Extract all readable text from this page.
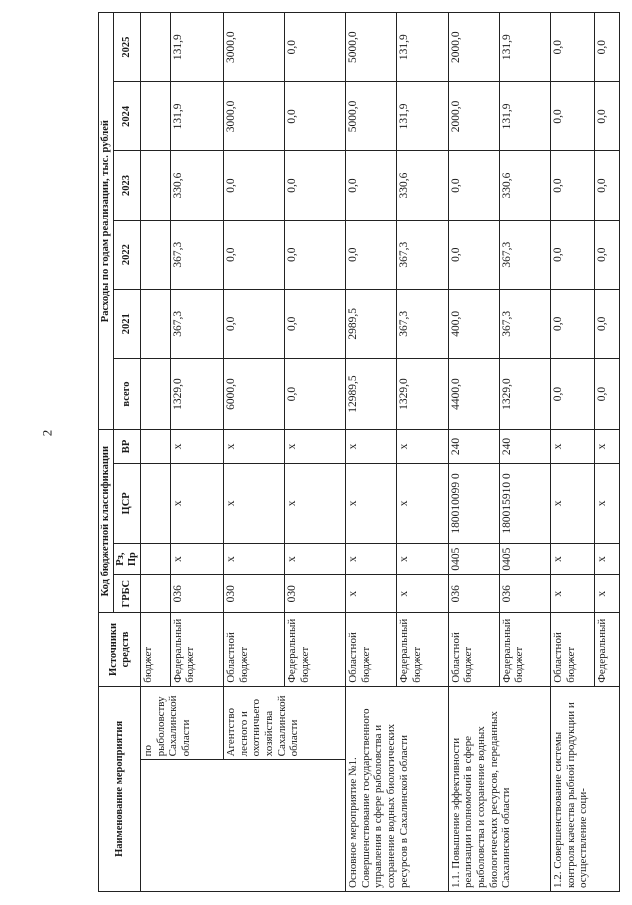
2
Наименование мероприятия		Источники средств	Код бюджетной классификации				Расходы по годам реализации, тыс. рублей					
			ГРБС	Рз, Пр	ЦСР	ВР	всего	2021	2022	2023	2024	2025
	по рыболовству Сахалинской области	бюджет										
		Федеральный бюджет	036	x	x	x	1329,0	367,3	367,3	330,6	131,9	131,9
	Агентство лесного и охотничьего хозяйства Сахалинской области	Областной бюджет	030	x	x	x	6000,0	0,0	0,0	0,0	3000,0	3000,0
		Федеральный бюджет	030	x	x	x	0,0	0,0	0,0	0,0	0,0	0,0
Основное мероприятие №1. Совершенствование государственного управления в сфере рыболовства и сохранение водных биологических ресурсов в Сахалинской области		Областной бюджет	x	x	x	x	12989,5	2989,5	0,0	0,0	5000,0	5000,0
		Федеральный бюджет	x	x	x	x	1329,0	367,3	367,3	330,6	131,9	131,9
1.1. Повышение эффективности реализации полномочий в сфере рыболовства и сохранение водных биологических ресурсов, переданных Сахалинской области		Областной бюджет	036	0405	180010099 0	240	4400,0	400,0	0,0	0,0	2000,0	2000,0
		Федеральный бюджет	036	0405	180015910 0	240	1329,0	367,3	367,3	330,6	131,9	131,9
1.2. Совершенствование системы контроля качества рыбной продукции и осуществление соци-		Областной бюджет	x	x	x	x	0,0	0,0	0,0	0,0	0,0	0,0
		Федеральный	x	x	x	x	0,0	0,0	0,0	0,0	0,0	0,0
